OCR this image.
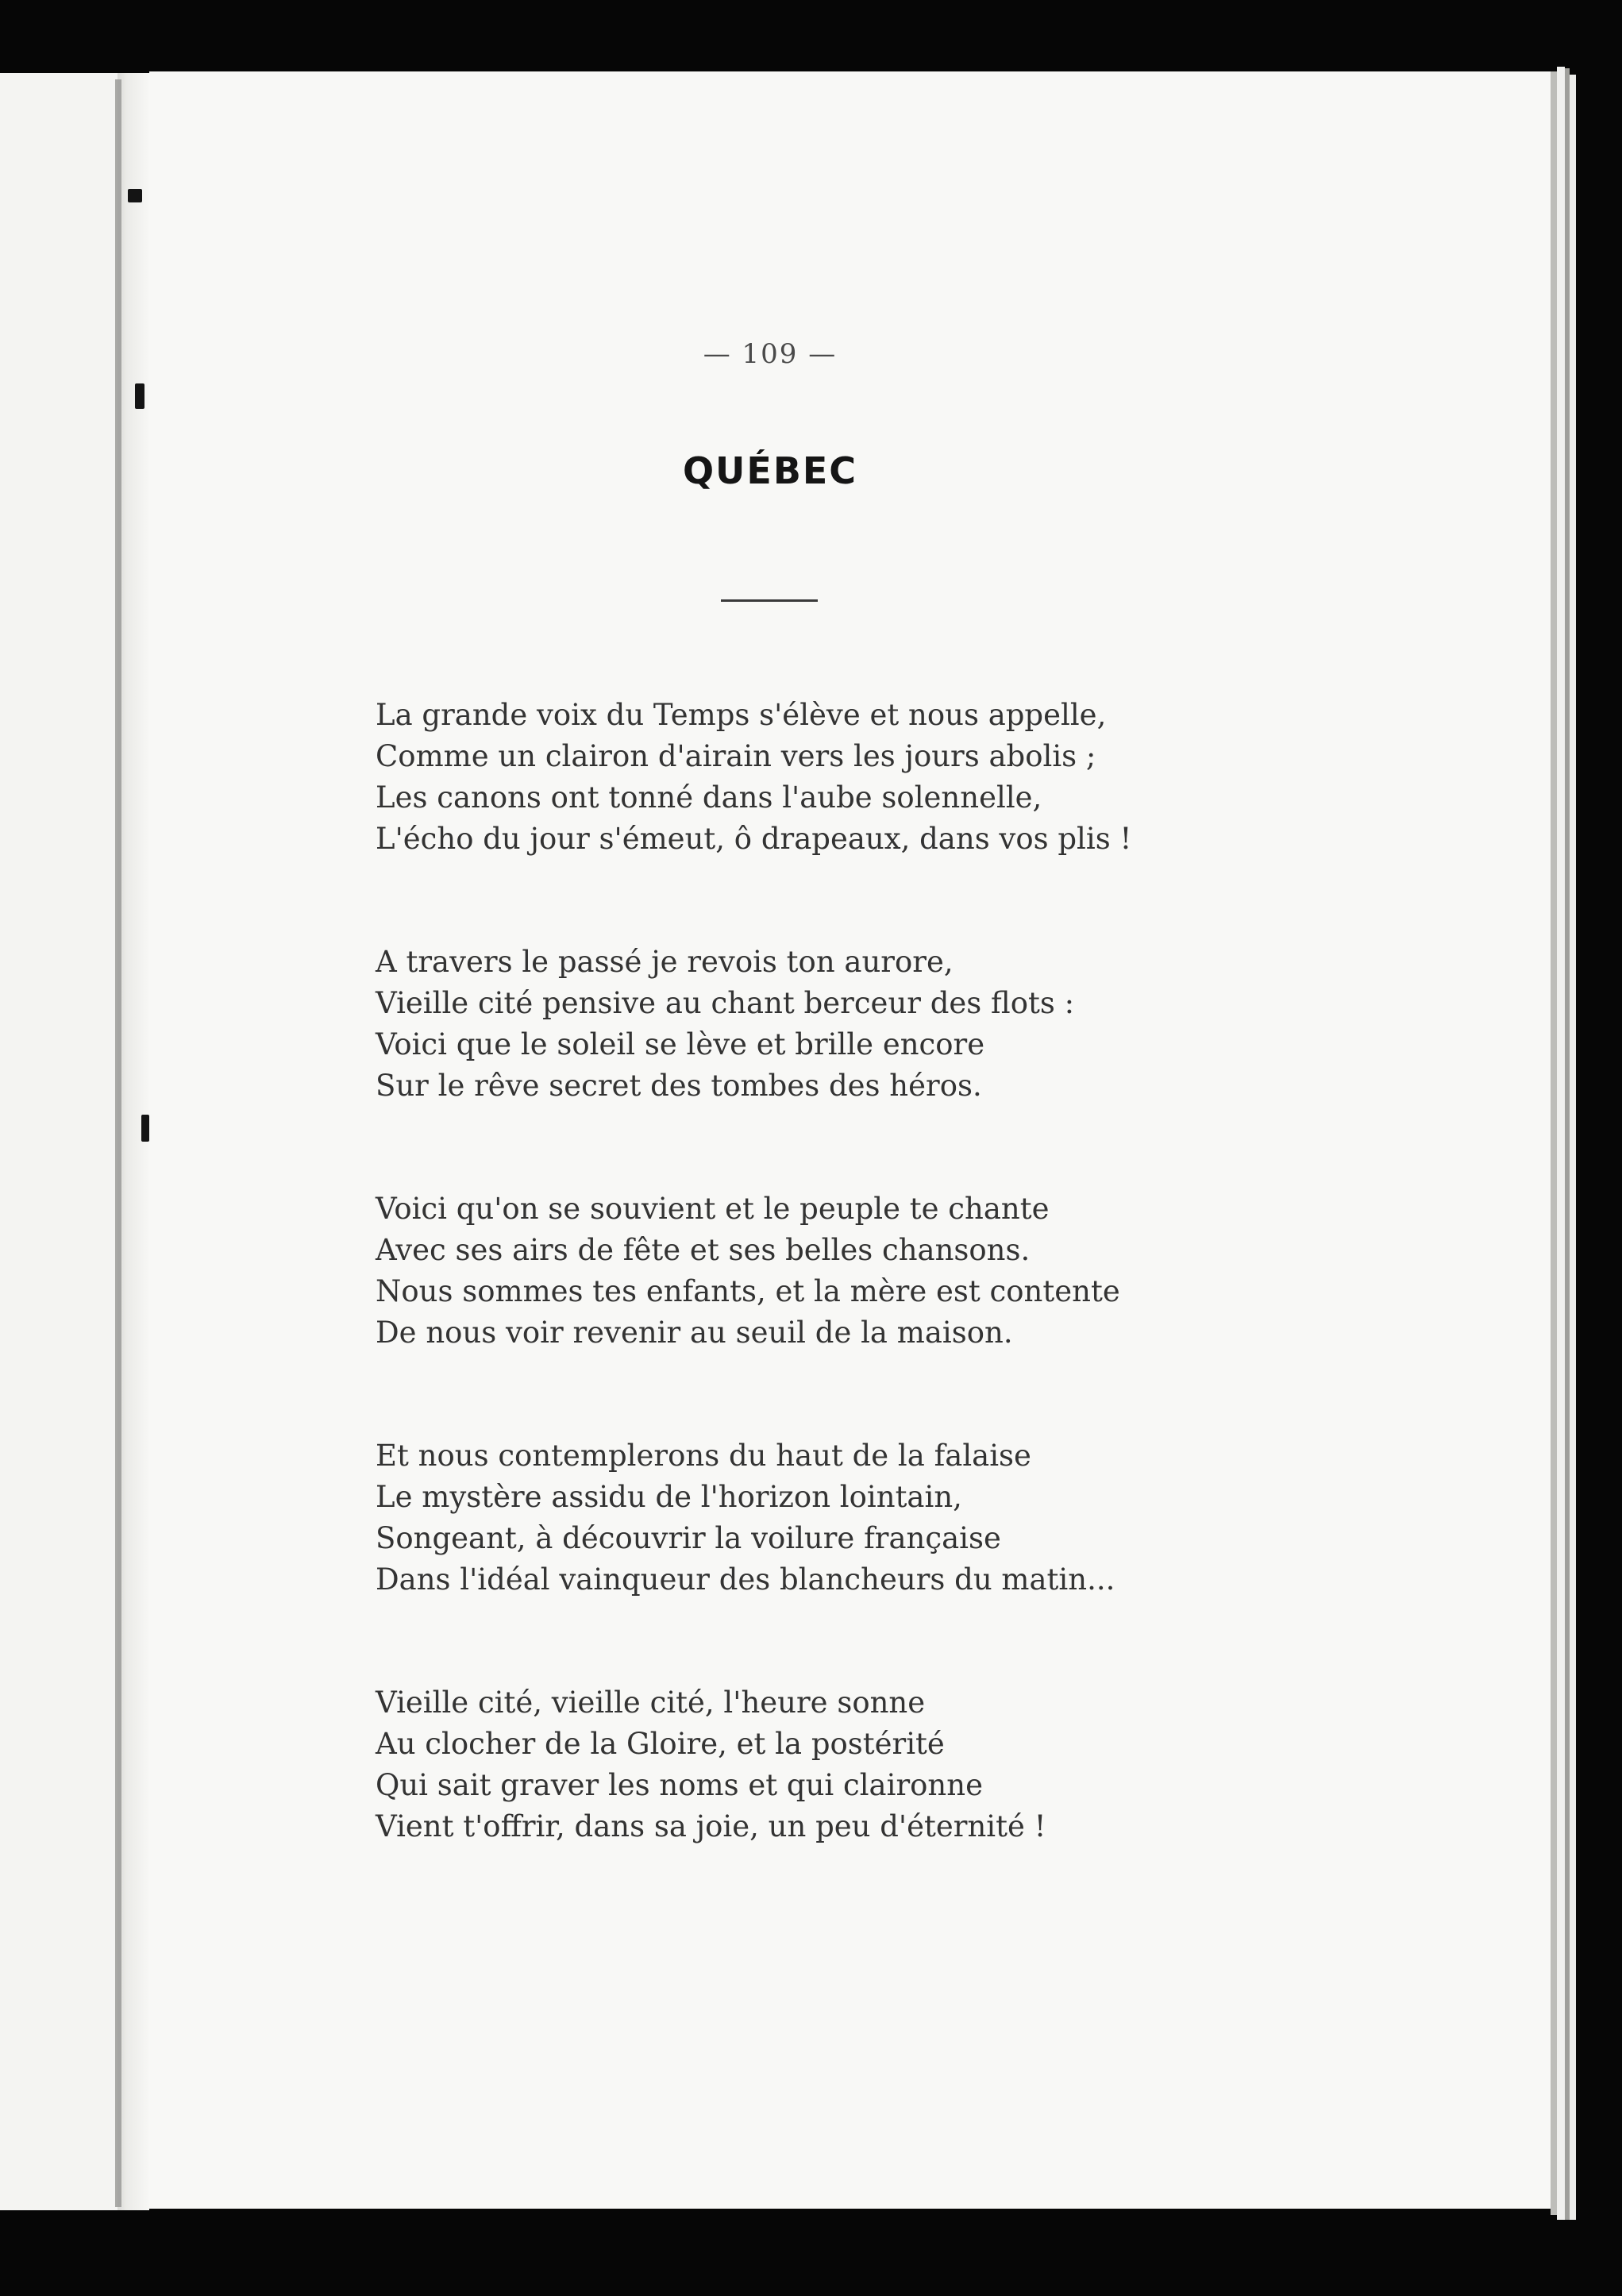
— 109 —
QUÉBEC
La grande voix du Temps s'élève et nous appelle,
Comme un clairon d'airain vers les jours abolis ;
Les canons ont tonné dans l'aube solennelle,
L'écho du jour s'émeut, ô drapeaux, dans vos plis !
A travers le passé je revois ton aurore,
Vieille cité pensive au chant berceur des flots :
Voici que le soleil se lève et brille encore
Sur le rêve secret des tombes des héros.
Voici qu'on se souvient et le peuple te chante
Avec ses airs de fête et ses belles chansons.
Nous sommes tes enfants, et la mère est contente
De nous voir revenir au seuil de la maison.
Et nous contemplerons du haut de la falaise
Le mystère assidu de l'horizon lointain,
Songeant, à découvrir la voilure française
Dans l'idéal vainqueur des blancheurs du matin...
Vieille cité, vieille cité, l'heure sonne
Au clocher de la Gloire, et la postérité
Qui sait graver les noms et qui claironne
Vient t'offrir, dans sa joie, un peu d'éternité !
